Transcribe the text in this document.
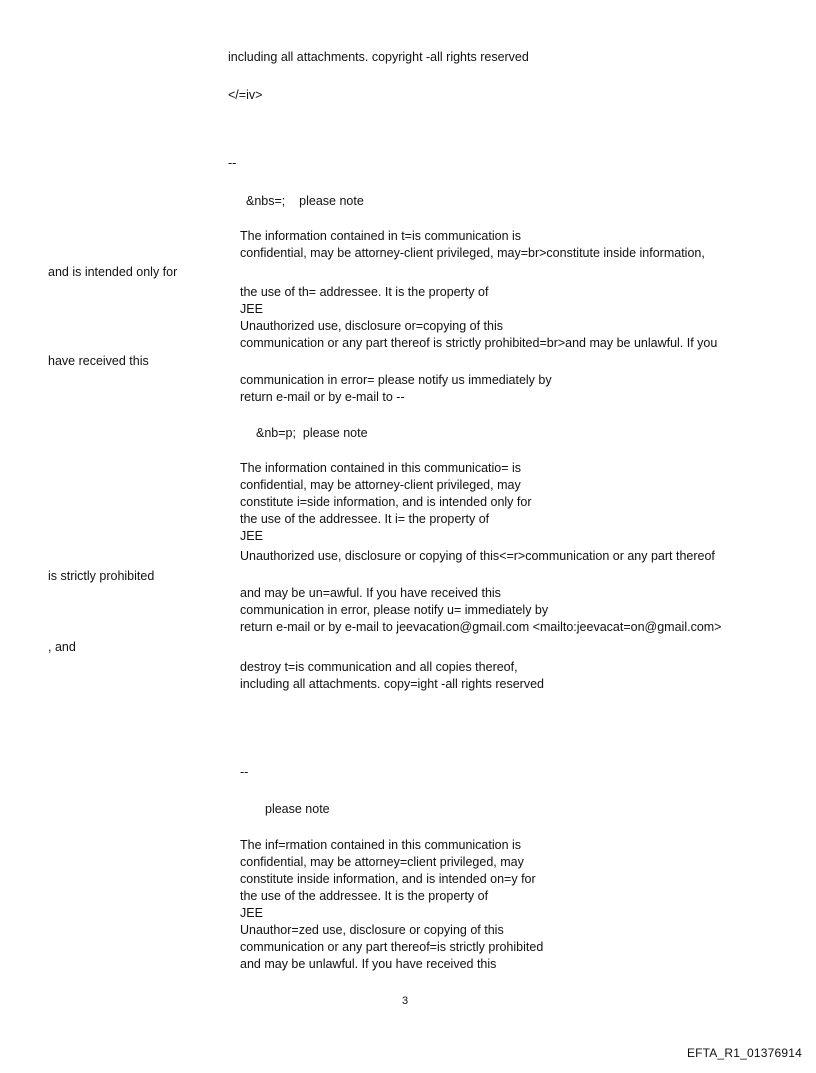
including all attachments. copyright -all rights reserved
</=iv>
--
&nbs=;    please note
The information contained in t=is communication is
confidential, may be attorney-client privileged, may=br>constitute inside information,
and is intended only for
the use of th= addressee. It is the property of
JEE
Unauthorized use, disclosure or=copying of this
communication or any part thereof is strictly prohibited=br>and may be unlawful. If you
have received this
communication in error= please notify us immediately by
return e-mail or by e-mail to --
&nb=p;  please note
The information contained in this communicatio= is
confidential, may be attorney-client privileged, may
constitute i=side information, and is intended only for
the use of the addressee. It i= the property of
JEE
Unauthorized use, disclosure or copying of this<=r>communication or any part thereof
is strictly prohibited
and may be un=awful. If you have received this
communication in error, please notify u= immediately by
return e-mail or by e-mail to jeevacation@gmail.com <mailto:jeevacat=on@gmail.com>
, and
destroy t=is communication and all copies thereof,
including all attachments. copy=ight -all rights reserved
--
please note
The inf=rmation contained in this communication is
confidential, may be attorney=client privileged, may
constitute inside information, and is intended on=y for
the use of the addressee. It is the property of
JEE
Unauthor=zed use, disclosure or copying of this
communication or any part thereof=is strictly prohibited
and may be unlawful. If you have received this
3
EFTA_R1_01376914
